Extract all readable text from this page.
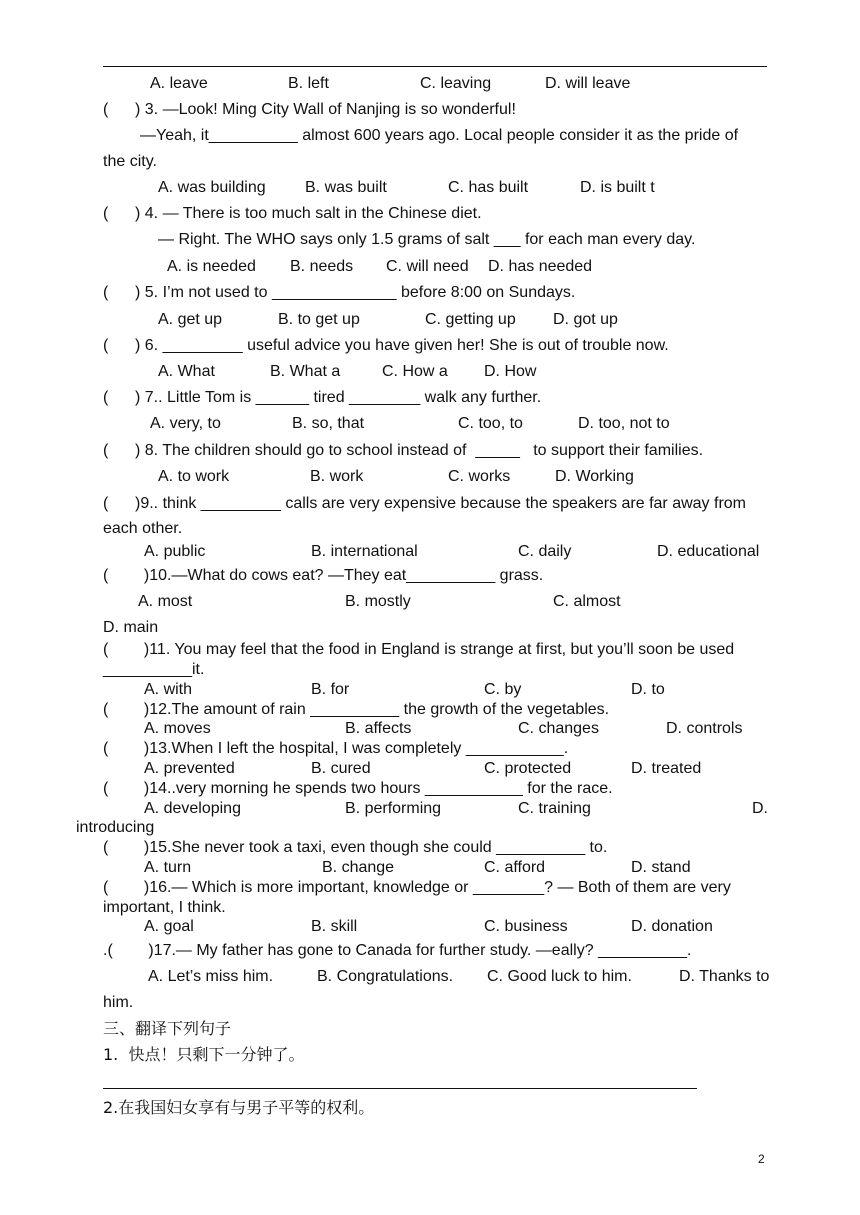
A. leave	B. left	C. leaving	D. will leave
(      ) 3. —Look! Ming City Wall of Nanjing is so wonderful!
—Yeah, it__________ almost 600 years ago. Local people consider it as the pride of
the city.
A. was building B. was built	C. has built	D. is built t
(      ) 4. — There is too much salt in the Chinese diet.
— Right. The WHO says only 1.5 grams of salt ___ for each man every day.
A. is needed B. needs C. will need D. has needed
(      ) 5. I’m not used to ______________ before 8:00 on Sundays.
A. get up	B. to get up	C. getting up D. got up
(      ) 6. _________ useful advice you have given her! She is out of trouble now.
A. What	B. What a	C. How a D. How
(      ) 7.. Little Tom is ______ tired ________ walk any further.
A. very, to	B. so, that	C. too, to	D. too, not to
(      ) 8. The children should go to school instead of  _____   to support their families.
A. to work	B. work	C. works	D. Working
(      )9.. think _________ calls are very expensive because the speakers are far away from
each other.
A. public	B. international	C. daily	D. educational
(        )10.—What do cows eat? —They eat__________ grass.
A. most	B. mostly	C. almost
D. main
(        )11. You may feel that the food in England is strange at first, but you’ll soon be used
__________it.
A. with	B. for	C. by	D. to
(        )12.The amount of rain __________ the growth of the vegetables.
A. moves	B. affects	C. changes	D. controls
(        )13.When I left the hospital, I was completely ___________.
A. prevented	B. cured	C. protected	D. treated
(        )14..very morning he spends two hours ___________ for the race.
A. developing	B. performing	C. training	D.
introducing
(        )15.She never took a taxi, even though she could __________ to.
A. turn	B. change	C. afford	D. stand
(        )16.— Which is more important, knowledge or ________? — Both of them are very
important, I think.
A. goal	B. skill	C. business	D. donation
.(        )17.— My father has gone to Canada for further study. —eally? __________.
A. Let’s miss him.	B. Congratulations. C. Good luck to him.	D. Thanks to
him.
三、翻译下列句子
1.  快点！只剩下一分钟了。
2.在我国妇女享有与男子平等的权利。
2
